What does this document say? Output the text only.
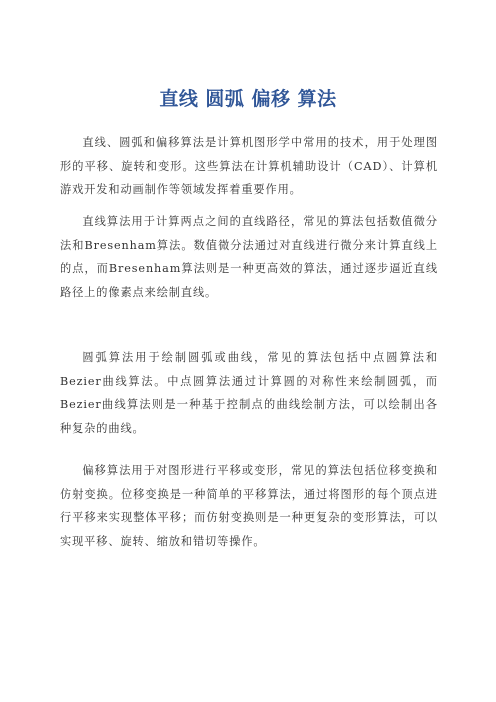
直线 圆弧 偏移 算法

直线、圆弧和偏移算法是计算机图形学中常用的技术，用于处理图形的平移、旋转和变形。这些算法在计算机辅助设计（CAD）、计算机游戏开发和动画制作等领域发挥着重要作用。

直线算法用于计算两点之间的直线路径，常见的算法包括数值微分法和Bresenham算法。数值微分法通过对直线进行微分来计算直线上的点，而Bresenham算法则是一种更高效的算法，通过逐步逼近直线路径上的像素点来绘制直线。

圆弧算法用于绘制圆弧或曲线，常见的算法包括中点圆算法和Bezier曲线算法。中点圆算法通过计算圆的对称性来绘制圆弧，而Bezier曲线算法则是一种基于控制点的曲线绘制方法，可以绘制出各种复杂的曲线。

偏移算法用于对图形进行平移或变形，常见的算法包括位移变换和仿射变换。位移变换是一种简单的平移算法，通过将图形的每个顶点进行平移来实现整体平移；而仿射变换则是一种更复杂的变形算法，可以实现平移、旋转、缩放和错切等操作。
